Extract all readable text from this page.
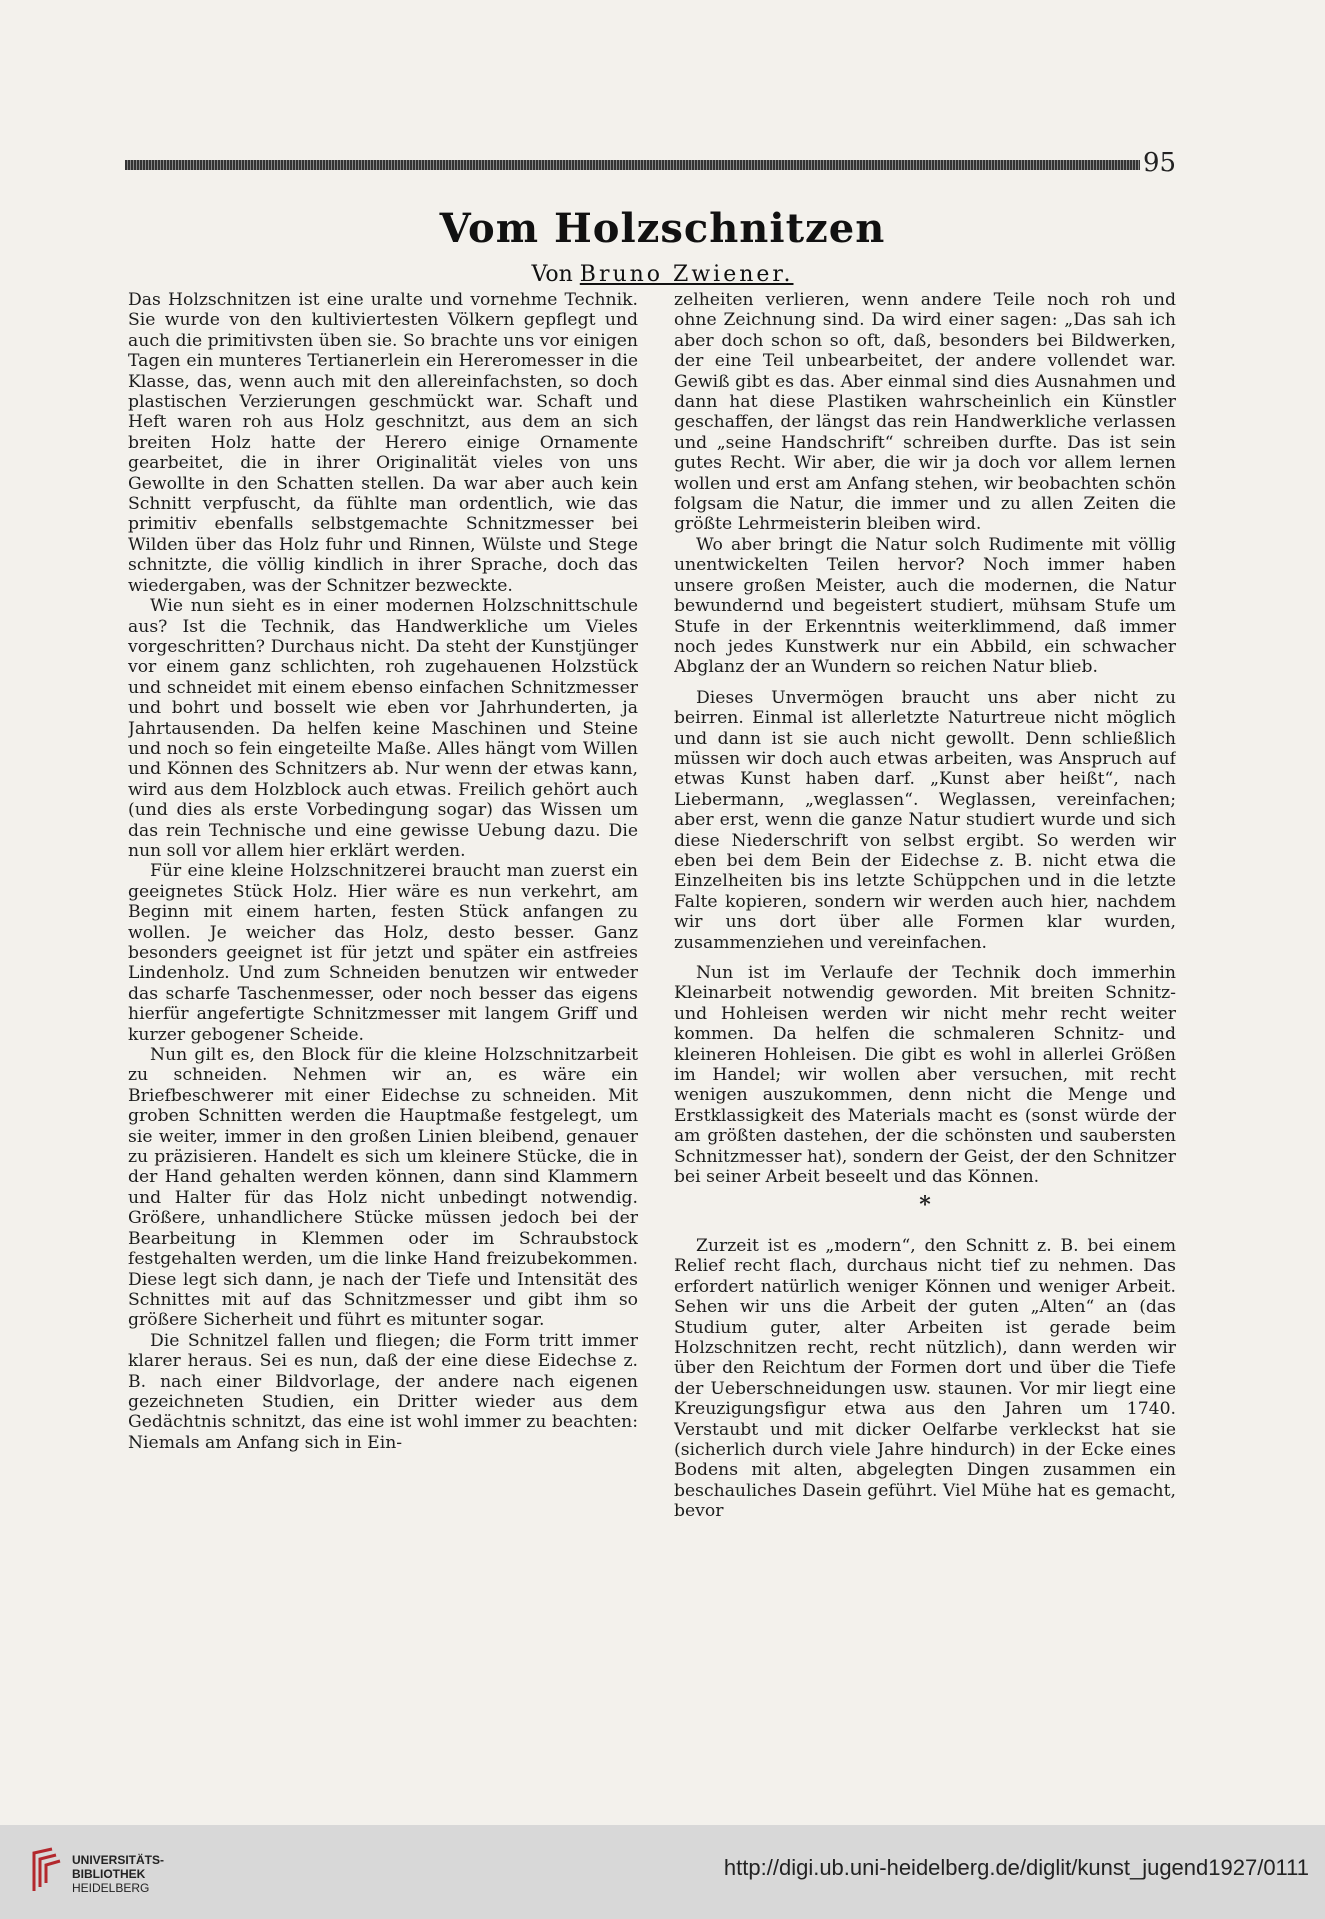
95
Vom Holzschnitzen
Von Bruno Zwiener.

Das Holzschnitzen ist eine uralte und vornehme Technik. Sie wurde von den kultiviertesten Völkern gepflegt und auch die primitivsten üben sie. So brachte uns vor einigen Tagen ein munteres Tertianerlein ein Hereromesser in die Klasse, das, wenn auch mit den allereinfachsten, so doch plastischen Verzierungen geschmückt war. Schaft und Heft waren roh aus Holz geschnitzt, aus dem an sich breiten Holz hatte der Herero einige Ornamente gearbeitet, die in ihrer Originalität vieles von uns Gewollte in den Schatten stellen. Da war aber auch kein Schnitt verpfuscht, da fühlte man ordentlich, wie das primitiv ebenfalls selbstgemachte Schnitzmesser bei Wilden über das Holz fuhr und Rinnen, Wülste und Stege schnitzte, die völlig kindlich in ihrer Sprache, doch das wiedergaben, was der Schnitzer bezweckte.

Wie nun sieht es in einer modernen Holzschnittschule aus? Ist die Technik, das Handwerkliche um Vieles vorgeschritten? Durchaus nicht. Da steht der Kunstjünger vor einem ganz schlichten, roh zugehauenen Holzstück und schneidet mit einem ebenso einfachen Schnitzmesser und bohrt und bosselt wie eben vor Jahrhunderten, ja Jahrtausenden. Da helfen keine Maschinen und Steine und noch so fein eingeteilte Maße. Alles hängt vom Willen und Können des Schnitzers ab. Nur wenn der etwas kann, wird aus dem Holzblock auch etwas. Freilich gehört auch (und dies als erste Vorbedingung sogar) das Wissen um das rein Technische und eine gewisse Uebung dazu. Die nun soll vor allem hier erklärt werden.

Für eine kleine Holzschnitzerei braucht man zuerst ein geeignetes Stück Holz. Hier wäre es nun verkehrt, am Beginn mit einem harten, festen Stück anfangen zu wollen. Je weicher das Holz, desto besser. Ganz besonders geeignet ist für jetzt und später ein astfreies Lindenholz. Und zum Schneiden benutzen wir entweder das scharfe Taschenmesser, oder noch besser das eigens hierfür angefertigte Schnitzmesser mit langem Griff und kurzer gebogener Scheide.

Nun gilt es, den Block für die kleine Holzschnitzarbeit zu schneiden. Nehmen wir an, es wäre ein Briefbeschwerer mit einer Eidechse zu schneiden. Mit groben Schnitten werden die Hauptmaße festgelegt, um sie weiter, immer in den großen Linien bleibend, genauer zu präzisieren. Handelt es sich um kleinere Stücke, die in der Hand gehalten werden können, dann sind Klammern und Halter für das Holz nicht unbedingt notwendig. Größere, unhandlichere Stücke müssen jedoch bei der Bearbeitung in Klemmen oder im Schraubstock festgehalten werden, um die linke Hand freizubekommen. Diese legt sich dann, je nach der Tiefe und Intensität des Schnittes mit auf das Schnitzmesser und gibt ihm so größere Sicherheit und führt es mitunter sogar.

Die Schnitzel fallen und fliegen; die Form tritt immer klarer heraus. Sei es nun, daß der eine diese Eidechse z. B. nach einer Bildvorlage, der andere nach eigenen gezeichneten Studien, ein Dritter wieder aus dem Gedächtnis schnitzt, das eine ist wohl immer zu beachten: Niemals am Anfang sich in Ein-

zelheiten verlieren, wenn andere Teile noch roh und ohne Zeichnung sind. Da wird einer sagen: „Das sah ich aber doch schon so oft, daß, besonders bei Bildwerken, der eine Teil unbearbeitet, der andere vollendet war. Gewiß gibt es das. Aber einmal sind dies Ausnahmen und dann hat diese Plastiken wahrscheinlich ein Künstler geschaffen, der längst das rein Handwerkliche verlassen und „seine Handschrift“ schreiben durfte. Das ist sein gutes Recht. Wir aber, die wir ja doch vor allem lernen wollen und erst am Anfang stehen, wir beobachten schön folgsam die Natur, die immer und zu allen Zeiten die größte Lehrmeisterin bleiben wird.

Wo aber bringt die Natur solch Rudimente mit völlig unentwickelten Teilen hervor? Noch immer haben unsere großen Meister, auch die modernen, die Natur bewundernd und begeistert studiert, mühsam Stufe um Stufe in der Erkenntnis weiterklimmend, daß immer noch jedes Kunstwerk nur ein Abbild, ein schwacher Abglanz der an Wundern so reichen Natur blieb.

Dieses Unvermögen braucht uns aber nicht zu beirren. Einmal ist allerletzte Naturtreue nicht möglich und dann ist sie auch nicht gewollt. Denn schließlich müssen wir doch auch etwas arbeiten, was Anspruch auf etwas Kunst haben darf. „Kunst aber heißt“, nach Liebermann, „weglassen“. Weglassen, vereinfachen; aber erst, wenn die ganze Natur studiert wurde und sich diese Niederschrift von selbst ergibt. So werden wir eben bei dem Bein der Eidechse z. B. nicht etwa die Einzelheiten bis ins letzte Schüppchen und in die letzte Falte kopieren, sondern wir werden auch hier, nachdem wir uns dort über alle Formen klar wurden, zusammenziehen und vereinfachen.

Nun ist im Verlaufe der Technik doch immerhin Kleinarbeit notwendig geworden. Mit breiten Schnitz- und Hohleisen werden wir nicht mehr recht weiter kommen. Da helfen die schmaleren Schnitz- und kleineren Hohleisen. Die gibt es wohl in allerlei Größen im Handel; wir wollen aber versuchen, mit recht wenigen auszukommen, denn nicht die Menge und Erstklassigkeit des Materials macht es (sonst würde der am größten dastehen, der die schönsten und saubersten Schnitzmesser hat), sondern der Geist, der den Schnitzer bei seiner Arbeit beseelt und das Können.

*

Zurzeit ist es „modern“, den Schnitt z. B. bei einem Relief recht flach, durchaus nicht tief zu nehmen. Das erfordert natürlich weniger Können und weniger Arbeit. Sehen wir uns die Arbeit der guten „Alten“ an (das Studium guter, alter Arbeiten ist gerade beim Holzschnitzen recht, recht nützlich), dann werden wir über den Reichtum der Formen dort und über die Tiefe der Ueberschneidungen usw. staunen. Vor mir liegt eine Kreuzigungsfigur etwa aus den Jahren um 1740. Verstaubt und mit dicker Oelfarbe verkleckst hat sie (sicherlich durch viele Jahre hindurch) in der Ecke eines Bodens mit alten, abgelegten Dingen zusammen ein beschauliches Dasein geführt. Viel Mühe hat es gemacht, bevor

UNIVERSITÄTS-
BIBLIOTHEK
HEIDELBERG
http://digi.ub.uni-heidelberg.de/diglit/kunst_jugend1927/0111
